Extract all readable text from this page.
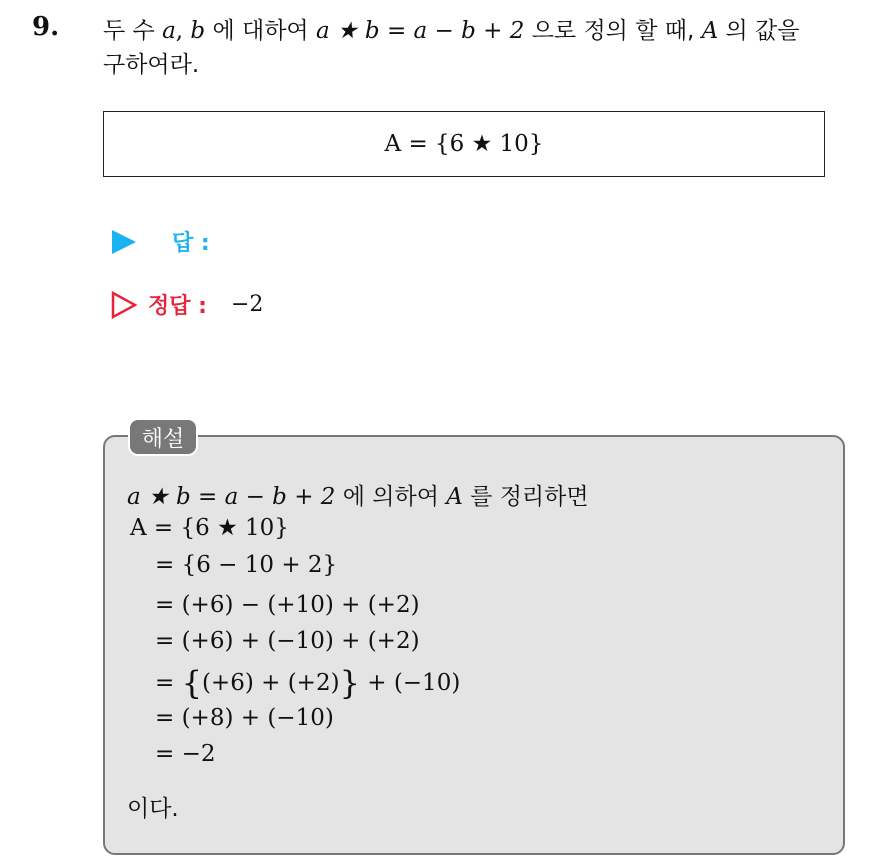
9. 두 수 a, b 에 대하여 a ★ b = a − b + 2 으로 정의 할 때, A 의 값을
구하여라.
A = {6 ★ 10}
답 :
정답 : −2
해설
a ★ b = a − b + 2 에 의하여 A 를 정리하면
A = {6 ★ 10}
= {6 − 10 + 2}
= (+6) − (+10) + (+2)
= (+6) + (−10) + (+2)
= {(+6) + (+2)} + (−10)
= (+8) + (−10)
= −2
이다.
